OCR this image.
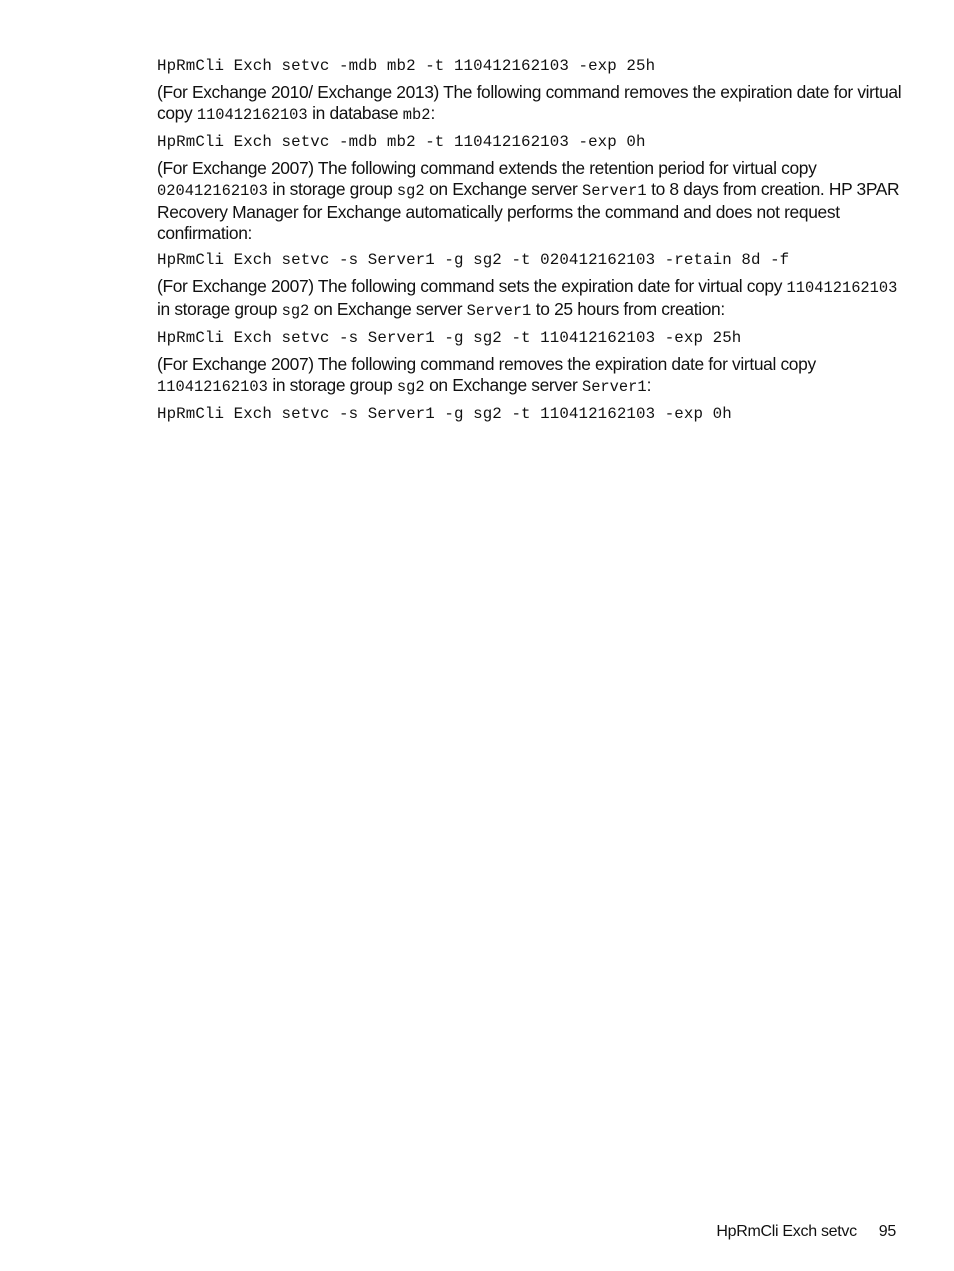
HpRmCli Exch setvc -mdb mb2 -t 110412162103 -exp 25h

(For Exchange 2010/ Exchange 2013) The following command removes the expiration date for virtual copy 110412162103 in database mb2:

HpRmCli Exch setvc -mdb mb2 -t 110412162103 -exp 0h

(For Exchange 2007) The following command extends the retention period for virtual copy 020412162103 in storage group sg2 on Exchange server Server1 to 8 days from creation. HP 3PAR Recovery Manager for Exchange automatically performs the command and does not request confirmation:

HpRmCli Exch setvc -s Server1 -g sg2 -t 020412162103 -retain 8d -f

(For Exchange 2007) The following command sets the expiration date for virtual copy 110412162103 in storage group sg2 on Exchange server Server1 to 25 hours from creation:

HpRmCli Exch setvc -s Server1 -g sg2 -t 110412162103 -exp 25h

(For Exchange 2007) The following command removes the expiration date for virtual copy 110412162103 in storage group sg2 on Exchange server Server1:

HpRmCli Exch setvc -s Server1 -g sg2 -t 110412162103 -exp 0h
HpRmCli Exch setvc 95
